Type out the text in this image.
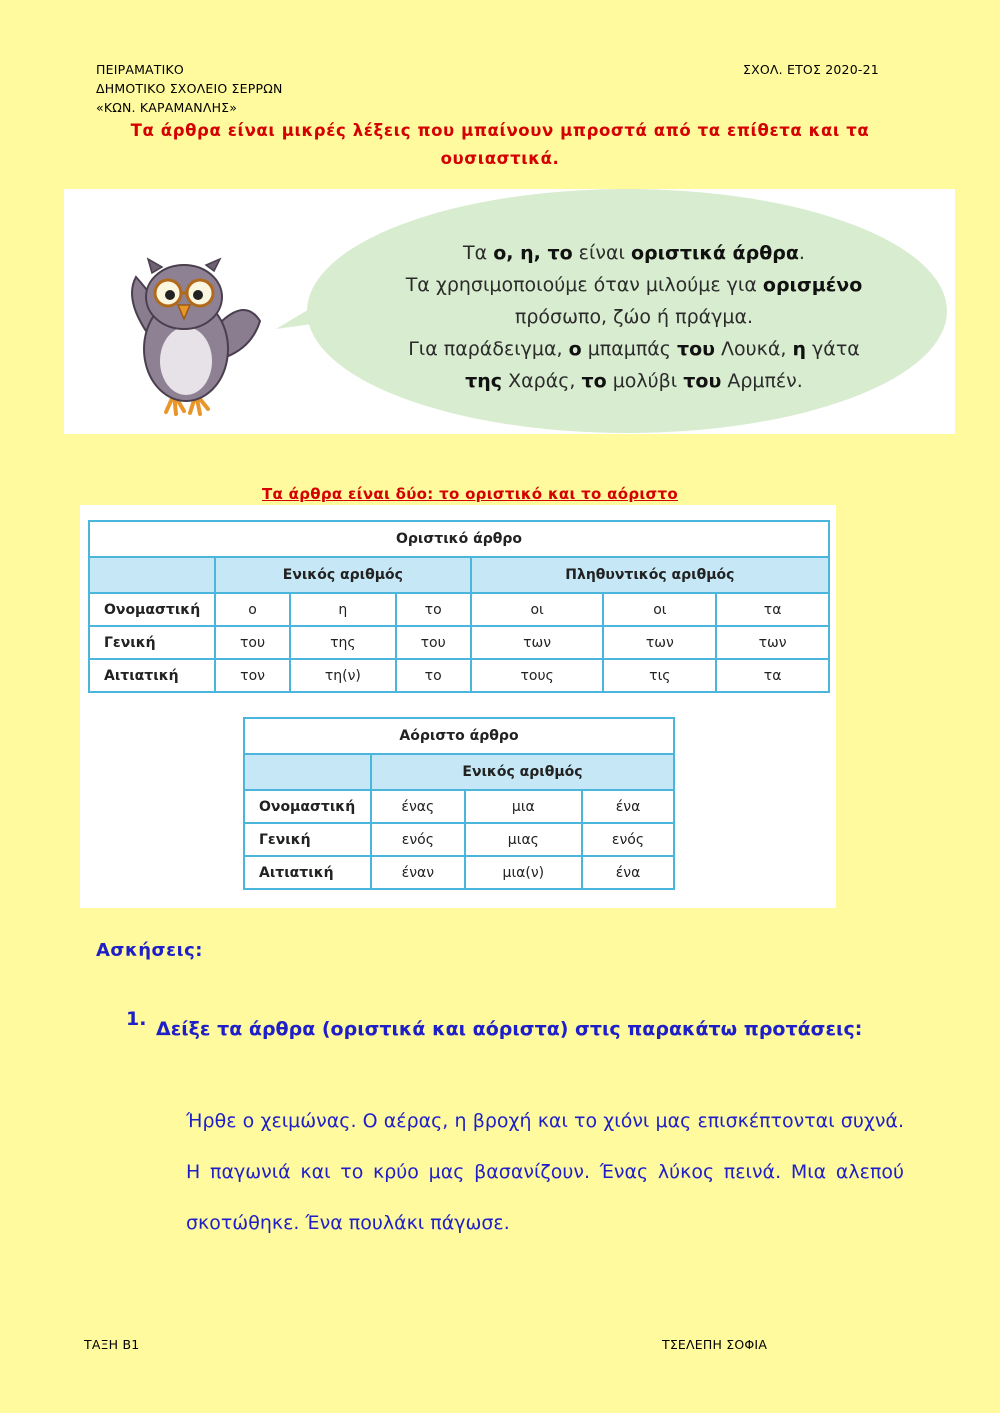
ΠΕΙΡΑΜΑΤΙΚΟ
ΔΗΜΟΤΙΚΟ ΣΧΟΛΕΙΟ ΣΕΡΡΩΝ
«ΚΩΝ. ΚΑΡΑΜΑΝΛΗΣ»
ΣΧΟΛ. ΕΤΟΣ 2020-21
Τα άρθρα είναι μικρές λέξεις που μπαίνουν μπροστά από τα επίθετα και τα ουσιαστικά.
Τα ο, η, το είναι οριστικά άρθρα.
Τα χρησιμοποιούμε όταν μιλούμε για ορισμένο
πρόσωπο, ζώο ή πράγμα.
Για παράδειγμα, ο μπαμπάς του Λουκά, η γάτα
της Χαράς, το μολύβι του Αρμπέν.
Τα άρθρα είναι δύο: το οριστικό και το αόριστο
Οριστικό άρθρο						
	Ενικός αριθμός			Πληθυντικός αριθμός		
Ονομαστική	ο	η	το	οι	οι	τα
Γενική	του	της	του	των	των	των
Αιτιατική	τον	τη(ν)	το	τους	τις	τα
Αόριστο άρθρο			
	Ενικός αριθμός		
Ονομαστική	ένας	μια	ένα
Γενική	ενός	μιας	ενός
Αιτιατική	έναν	μια(ν)	ένα
Ασκήσεις:
1. Δείξε τα άρθρα (οριστικά και αόριστα) στις παρακάτω προτάσεις:
Ήρθε ο χειμώνας. Ο αέρας, η βροχή και το χιόνι μας επισκέπτονται συχνά. Η παγωνιά και το κρύο μας βασανίζουν. Ένας λύκος πεινά. Μια αλεπού σκοτώθηκε. Ένα πουλάκι πάγωσε.
ΤΑΞΗ Β1	ΤΣΕΛΕΠΗ ΣΟΦΙΑ
